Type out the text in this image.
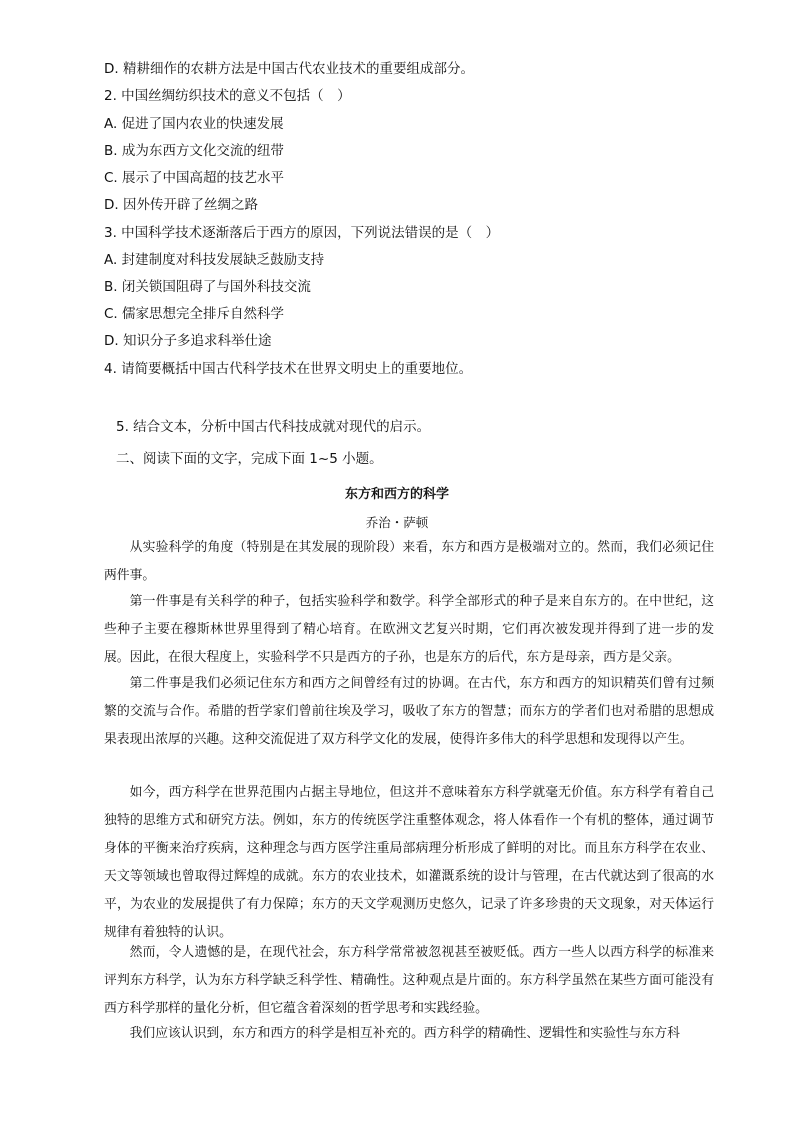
D. 精耕细作的农耕方法是中国古代农业技术的重要组成部分。
2. 中国丝绸纺织技术的意义不包括（　）
A. 促进了国内农业的快速发展
B. 成为东西方文化交流的纽带
C. 展示了中国高超的技艺水平
D. 因外传开辟了丝绸之路
3. 中国科学技术逐渐落后于西方的原因，下列说法错误的是（　）
A. 封建制度对科技发展缺乏鼓励支持
B. 闭关锁国阻碍了与国外科技交流
C. 儒家思想完全排斥自然科学
D. 知识分子多追求科举仕途
4. 请简要概括中国古代科学技术在世界文明史上的重要地位。
5. 结合文本，分析中国古代科技成就对现代的启示。
二、阅读下面的文字，完成下面 1~5 小题。
东方和西方的科学
乔治・萨顿

从实验科学的角度（特别是在其发展的现阶段）来看，东方和西方是极端对立的。然而，我们必须记住两件事。

第一件事是有关科学的种子，包括实验科学和数学。科学全部形式的种子是来自东方的。在中世纪，这些种子主要在穆斯林世界里得到了精心培育。在欧洲文艺复兴时期，它们再次被发现并得到了进一步的发展。因此，在很大程度上，实验科学不只是西方的子孙，也是东方的后代，东方是母亲，西方是父亲。

第二件事是我们必须记住东方和西方之间曾经有过的协调。在古代，东方和西方的知识精英们曾有过频繁的交流与合作。希腊的哲学家们曾前往埃及学习，吸收了东方的智慧；而东方的学者们也对希腊的思想成果表现出浓厚的兴趣。这种交流促进了双方科学文化的发展，使得许多伟大的科学思想和发现得以产生。

如今，西方科学在世界范围内占据主导地位，但这并不意味着东方科学就毫无价值。东方科学有着自己独特的思维方式和研究方法。例如，东方的传统医学注重整体观念，将人体看作一个有机的整体，通过调节身体的平衡来治疗疾病，这种理念与西方医学注重局部病理分析形成了鲜明的对比。而且东方科学在农业、天文等领域也曾取得过辉煌的成就。东方的农业技术，如灌溉系统的设计与管理，在古代就达到了很高的水平，为农业的发展提供了有力保障；东方的天文学观测历史悠久，记录了许多珍贵的天文现象，对天体运行规律有着独特的认识。

然而，令人遗憾的是，在现代社会，东方科学常常被忽视甚至被贬低。西方一些人以西方科学的标准来评判东方科学，认为东方科学缺乏科学性、精确性。这种观点是片面的。东方科学虽然在某些方面可能没有西方科学那样的量化分析，但它蕴含着深刻的哲学思考和实践经验。

我们应该认识到，东方和西方的科学是相互补充的。西方科学的精确性、逻辑性和实验性与东方科
